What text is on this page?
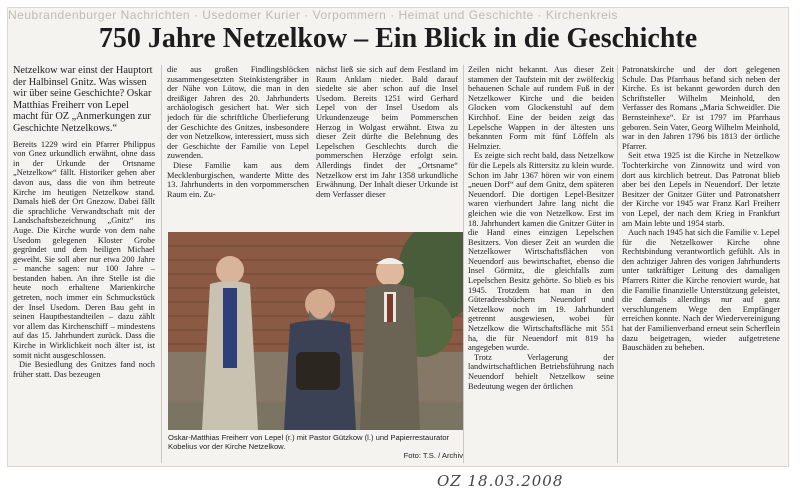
Neubrandenburger Nachrichten · Usedomer Kurier · Vorpommern · Heimat und Geschichte · Kirchenkreis
750 Jahre Netzelkow – Ein Blick in die Geschichte

Netzelkow war einst der Hauptort der Halbinsel Gnitz. Was wissen wir über seine Geschichte? Oskar Matthias Freiherr von Lepel macht für OZ „Anmerkungen zur Geschichte Netzelkows.“

Bereits 1229 wird ein Pfarrer Philippus von Gnez urkundlich erwähnt, ohne dass in der Urkunde der Ortsname „Netzelkow“ fällt. Historiker gehen aber davon aus, dass die von ihm betreute Kirche im heutigen Netzelkow stand. Damals hieß der Ort Gnezow. Dabei fällt die sprachliche Verwandtschaft mit der Landschaftsbezeichnung „Gnitz“ ins Auge. Die Kirche wurde von dem nahe Usedom gelegenen Kloster Grobe gegründet und dem heiligen Michael geweiht. Sie soll aber nur etwa 200 Jahre – manche sagen: nur 100 Jahre – bestanden haben. An ihre Stelle ist die heute noch erhaltene Marienkirche getreten, noch immer ein Schmuckstück der Insel Usedom. Deren Bau geht in seinen Hauptbestandteilen – dazu zählt vor allem das Kirchenschiff – mindestens auf das 15. Jahrhundert zurück. Dass die Kirche in Wirklichkeit noch älter ist, ist somit nicht ausgeschlossen.

Die Besiedlung des Gnitzes fand noch früher statt. Das bezeugen

die aus großen Findlingsblöcken zusammengesetzten Steinkistengräber in der Nähe von Lütow, die man in den dreißiger Jahren des 20. Jahrhunderts archäologisch gesichert hat. Wer sich jedoch für die schriftliche Überlieferung der Geschichte des Gnitzes, insbesondere der von Netzelkow, interessiert, muss sich der Geschichte der Familie von Lepel zuwenden.

Diese Familie kam aus dem Mecklenburgischen, wanderte Mitte des 13. Jahrhunderts in den vorpommerschen Raum ein. Zu-

nächst ließ sie sich auf dem Festland im Raum Anklam nieder. Bald darauf siedelte sie aber schon auf die Insel Usedom. Bereits 1251 wird Gerhard Lepel von der Insel Usedom als Urkundenzeuge beim Pommerschen Herzog in Wolgast erwähnt. Etwa zu dieser Zeit dürfte die Belehnung des Lepelschen Geschlechts durch die pommerschen Herzöge erfolgt sein. Allerdings findet der „Ortsname“ Netzelkow erst im Jahr 1358 urkundliche Erwähnung. Der Inhalt dieser Urkunde ist dem Verfasser dieser

Oskar-Matthias Freiherr von Lepel (r.) mit Pastor Gützkow (l.) und Papierrestaurator Kobelius vor der Kirche Netzelkow.
Foto: T.S. / Archiv

Zeilen nicht bekannt. Aus dieser Zeit stammen der Taufstein mit der zwölfeckig behauenen Schale auf rundem Fuß in der Netzelkower Kirche und die beiden Glocken vom Glockenstuhl auf dem Kirchhof. Eine der beiden zeigt das Lepelsche Wappen in der ältesten uns bekannten Form mit fünf Löffeln als Helmzier.

Es zeigte sich recht bald, dass Netzelkow für die Lepels als Rittersitz zu klein wurde. Schon im Jahr 1367 hören wir von einem „neuen Dorf“ auf dem Gnitz, dem späteren Neuendorf. Die dortigen Lepel-Besitzer waren vierhundert Jahre lang nicht die gleichen wie die von Netzelkow. Erst im 18. Jahrhundert kamen die Gnitzer Güter in die Hand eines einzigen Lepelschen Besitzers. Von dieser Zeit an wurden die Netzelkower Wirtschaftsflächen von Neuendorf aus bewirtschaftet, ebenso die Insel Görmitz, die gleichfalls zum Lepelschen Besitz gehörte. So blieb es bis 1945. Trotzdem hat man in den Güteradressbüchern Neuendorf und Netzelkow noch im 19. Jahrhundert getrennt ausgewiesen, wobei für Netzelkow die Wirtschaftsfläche mit 551 ha, die für Neuendorf mit 819 ha angegeben wurde.

Trotz Verlagerung der landwirtschaftlichen Betriebsführung nach Neuendorf behielt Netzelkow seine Bedeutung wegen der örtlichen

Patronatskirche und der dort gelegenen Schule. Das Pfarrhaus befand sich neben der Kirche. Es ist bekannt geworden durch den Schriftsteller Wilhelm Meinhold, den Verfasser des Romans „Maria Schweidler. Die Bernsteinhexe“. Er ist 1797 im Pfarrhaus geboren. Sein Vater, Georg Wilhelm Meinhold, war in den Jahren 1796 bis 1813 der örtliche Pfarrer.

Seit etwa 1925 ist die Kirche in Netzelkow Tochterkirche von Zinnowitz und wird von dort aus kirchlich betreut. Das Patronat blieb aber bei den Lepels in Neuendorf. Der letzte Besitzer der Gnitzer Güter und Patronatsherr der Kirche vor 1945 war Franz Karl Freiherr von Lepel, der nach dem Krieg in Frankfurt am Main lebte und 1954 starb.

Auch nach 1945 hat sich die Familie v. Lepel für die Netzelkower Kirche ohne Rechtsbindung verantwortlich gefühlt. Als in den achtziger Jahren des vorigen Jahrhunderts unter tatkräftiger Leitung des damaligen Pfarrers Ritter die Kirche renoviert wurde, hat die Familie finanzielle Unterstützung geleistet, die damals allerdings nur auf ganz verschlungenem Wege den Empfänger erreichen konnte. Nach der Wiedervereinigung hat der Familienverband erneut sein Scherflein dazu beigetragen, wieder aufgetretene Bauschäden zu beheben.

OZ 18.03.2008
